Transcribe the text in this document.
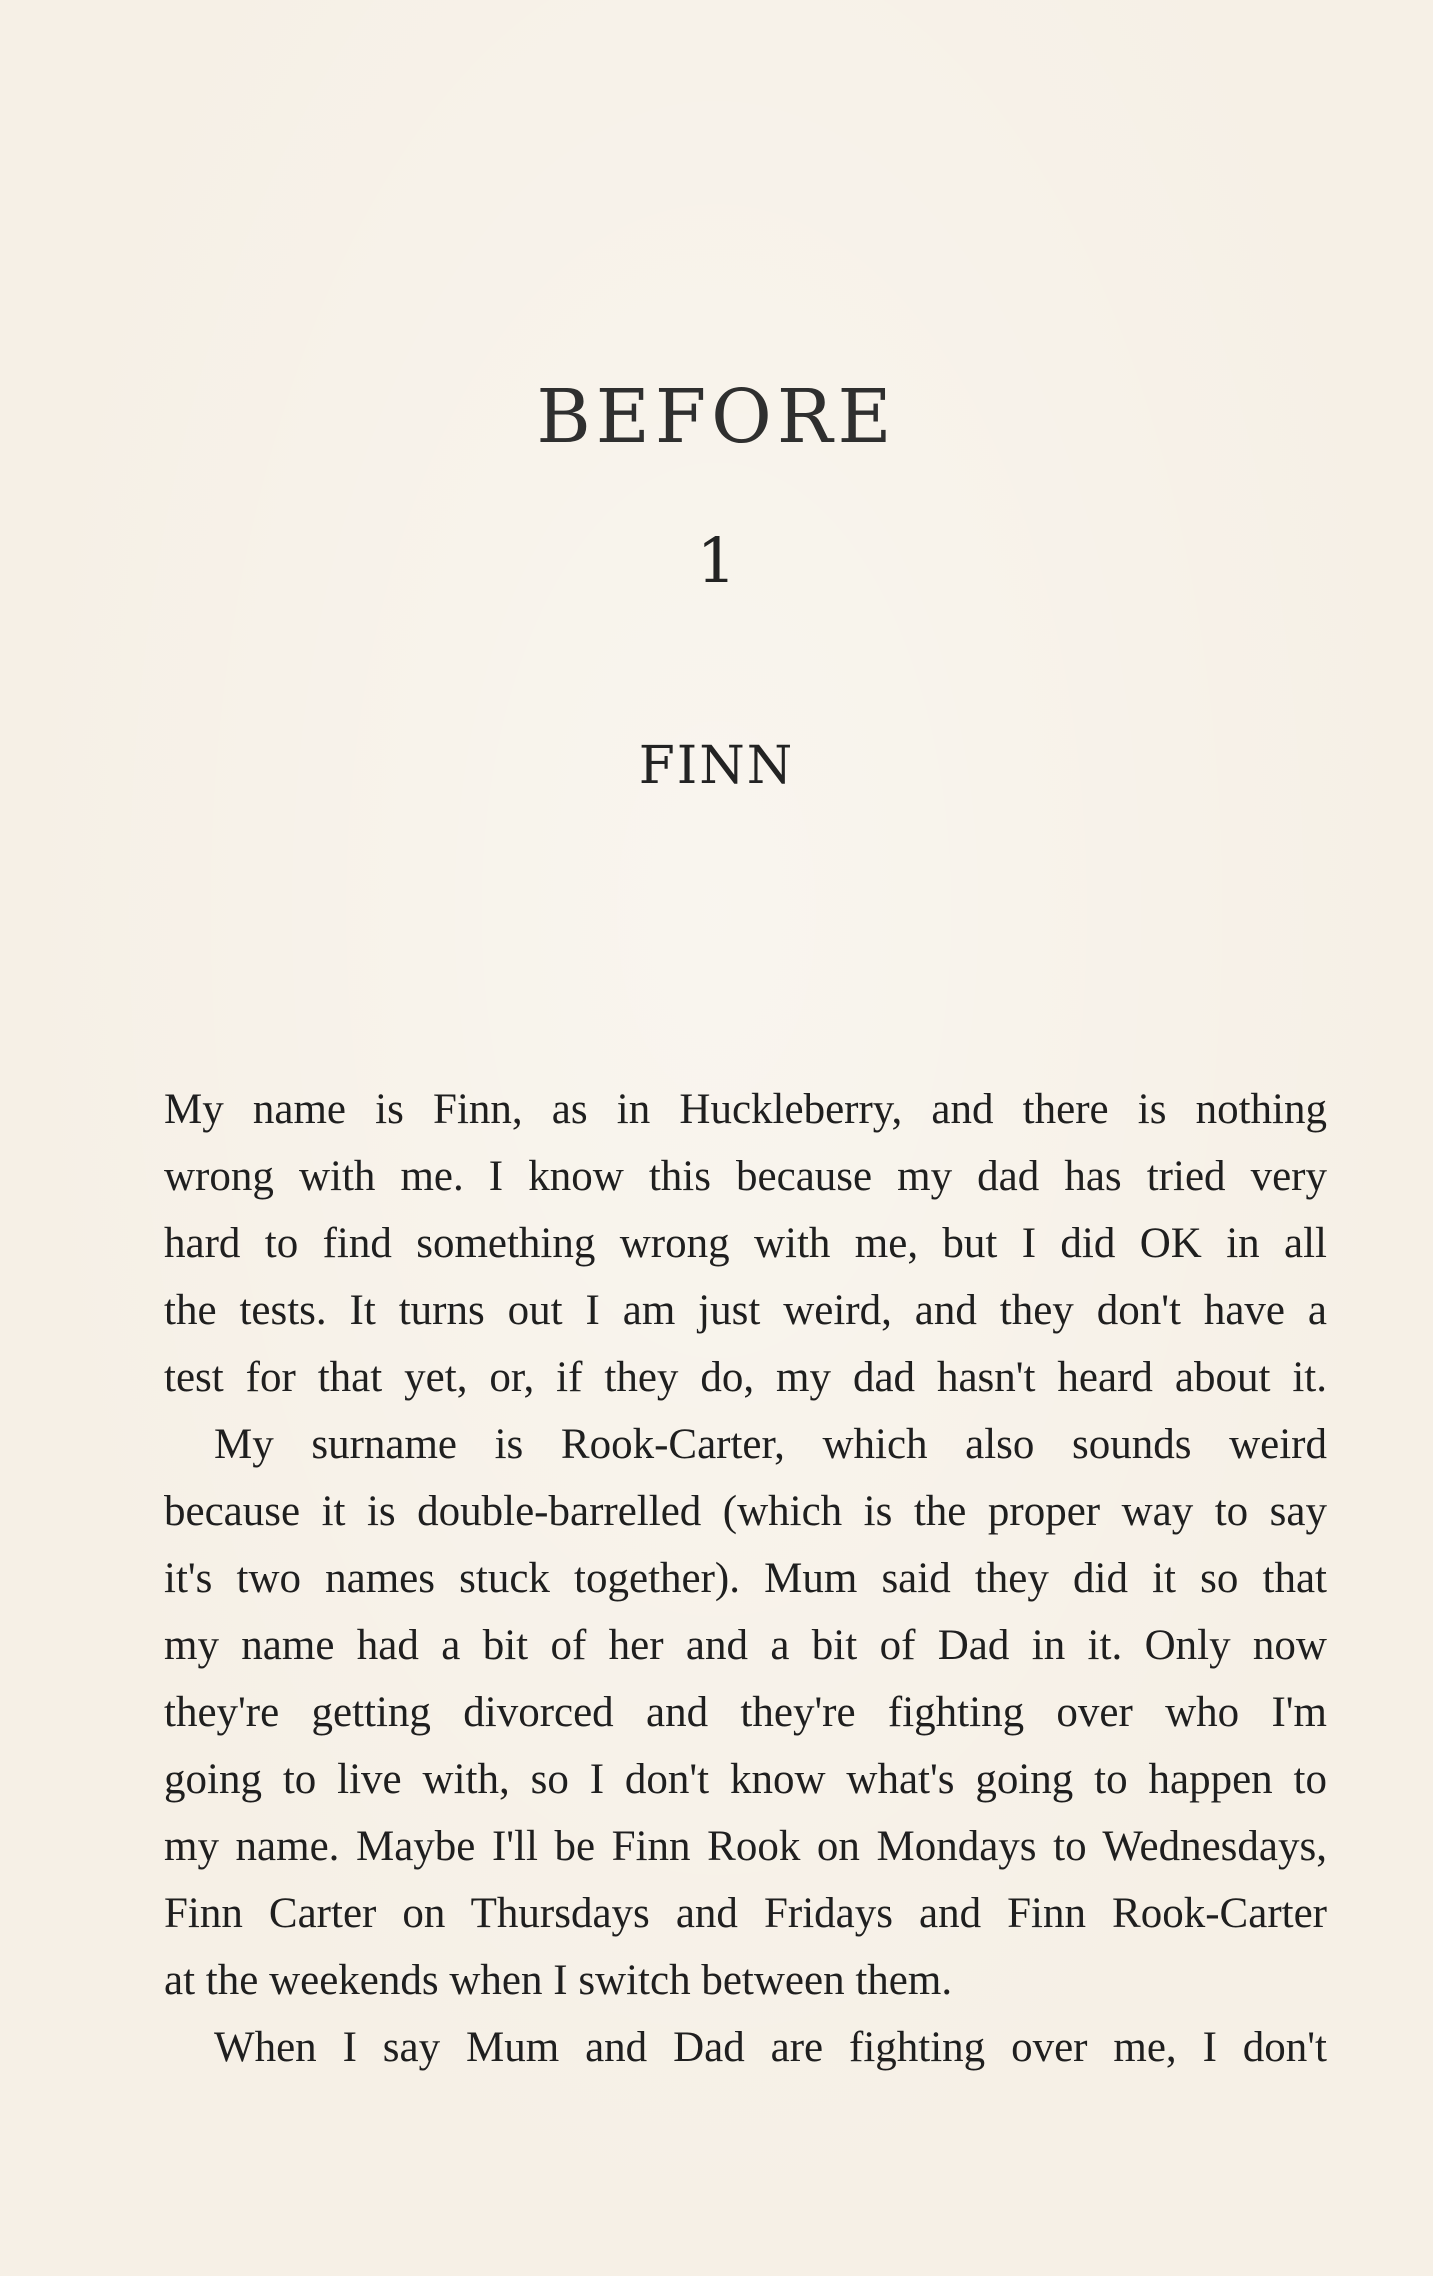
BEFORE
1
FINN
My name is Finn, as in Huckleberry, and there is nothing
wrong with me. I know this because my dad has tried very
hard to find something wrong with me, but I did OK in all
the tests. It turns out I am just weird, and they don't have a
test for that yet, or, if they do, my dad hasn't heard about it.
My surname is Rook-Carter, which also sounds weird
because it is double-barrelled (which is the proper way to say
it's two names stuck together). Mum said they did it so that
my name had a bit of her and a bit of Dad in it. Only now
they're getting divorced and they're fighting over who I'm
going to live with, so I don't know what's going to happen to
my name. Maybe I'll be Finn Rook on Mondays to Wednesdays,
Finn Carter on Thursdays and Fridays and Finn Rook-Carter
at the weekends when I switch between them.
When I say Mum and Dad are fighting over me, I don't
